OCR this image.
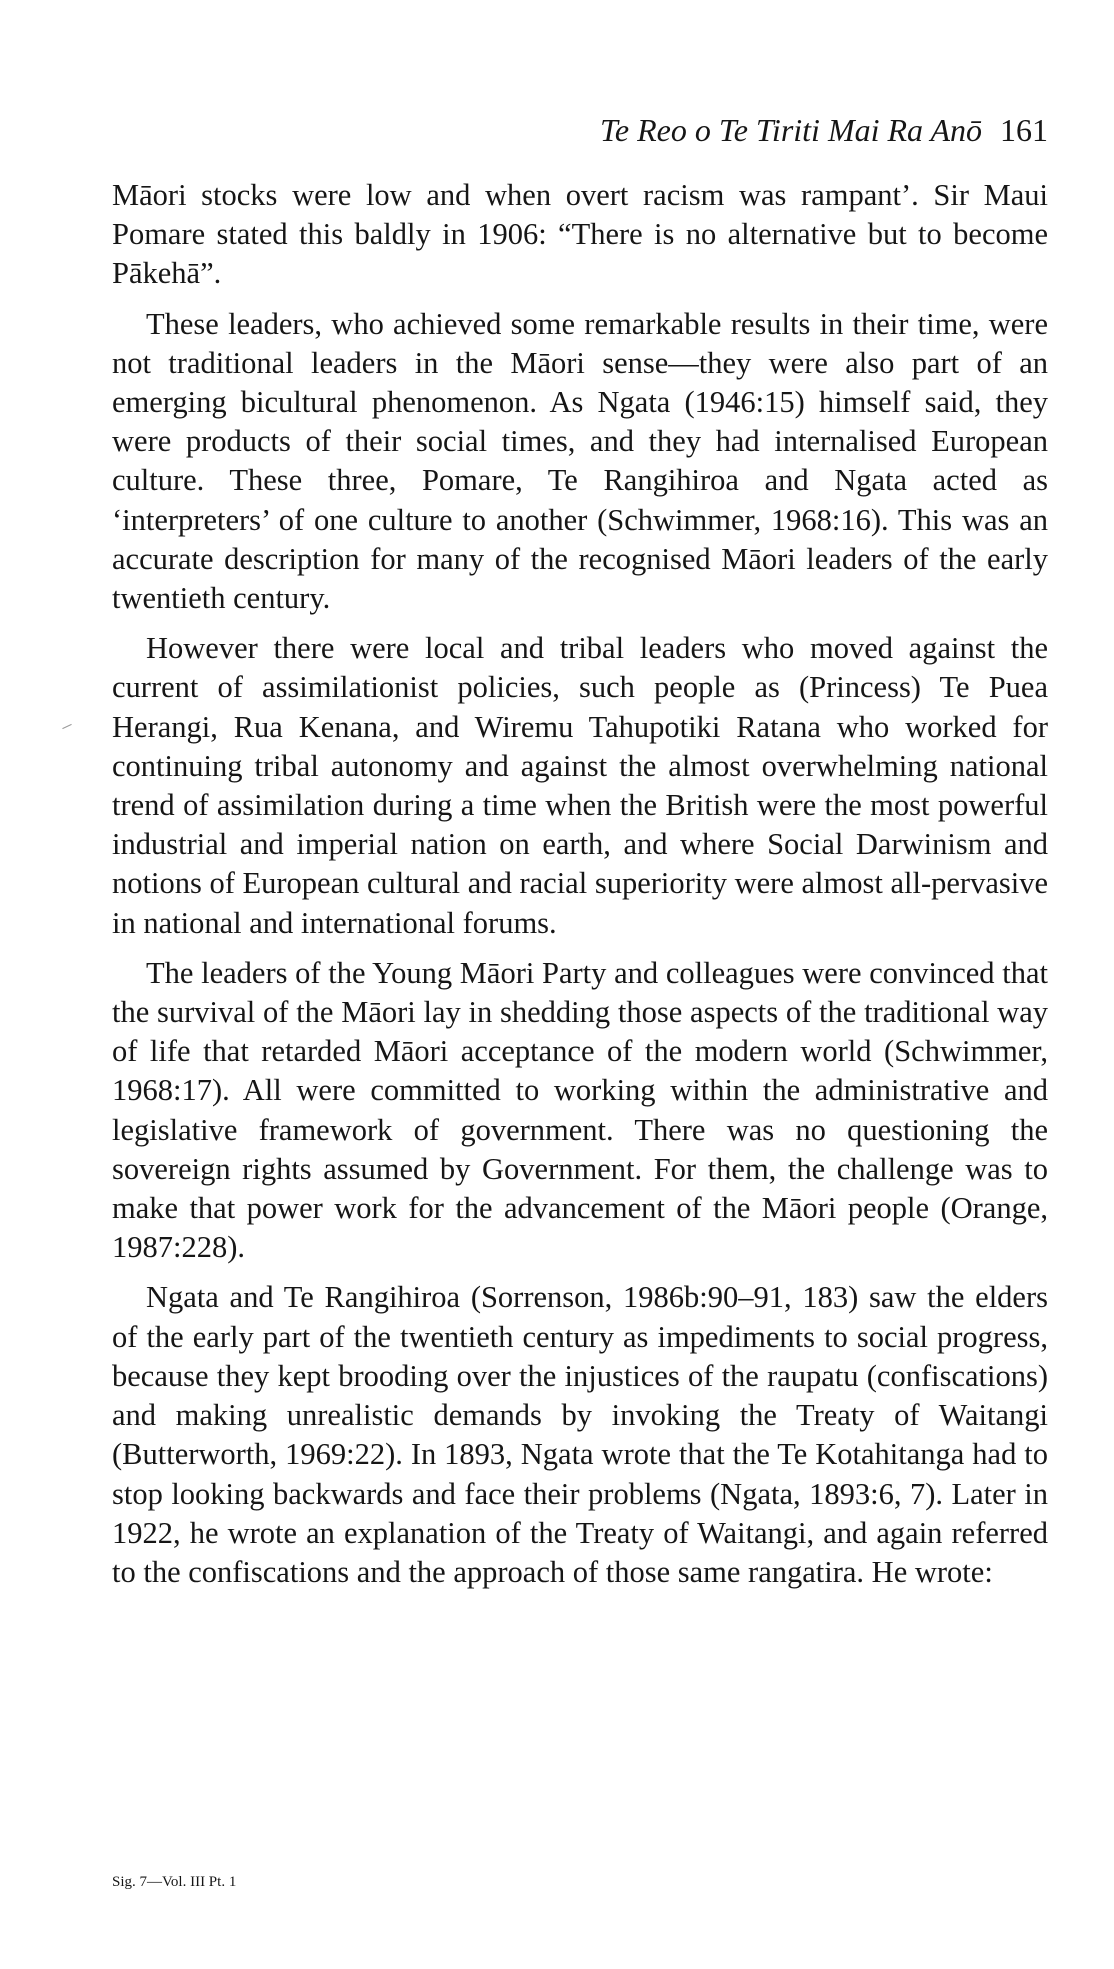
Te Reo o Te Tiriti Mai Ra Anō 161

Māori stocks were low and when overt racism was rampant’. Sir Maui Pomare stated this baldly in 1906: “There is no alternative but to become Pākehā”.

These leaders, who achieved some remarkable results in their time, were not traditional leaders in the Māori sense—they were also part of an emerging bicultural phenomenon. As Ngata (1946:15) himself said, they were products of their social times, and they had internalised European culture. These three, Pomare, Te Rangihiroa and Ngata acted as ‘interpreters’ of one culture to another (Schwimmer, 1968:16). This was an accurate description for many of the recognised Māori leaders of the early twentieth century.

However there were local and tribal leaders who moved against the current of assimilationist policies, such people as (Princess) Te Puea Herangi, Rua Kenana, and Wiremu Tahupotiki Ratana who worked for continuing tribal autonomy and against the almost overwhelming national trend of assimilation during a time when the British were the most powerful industrial and imperial nation on earth, and where Social Darwinism and notions of European cultural and racial superiority were almost all-pervasive in national and international forums.

The leaders of the Young Māori Party and colleagues were convinced that the survival of the Māori lay in shedding those aspects of the traditional way of life that retarded Māori acceptance of the modern world (Schwimmer, 1968:17). All were committed to working within the administrative and legislative framework of government. There was no questioning the sovereign rights assumed by Government. For them, the challenge was to make that power work for the advancement of the Māori people (Orange, 1987:228).

Ngata and Te Rangihiroa (Sorrenson, 1986b:90–91, 183) saw the elders of the early part of the twentieth century as impediments to social progress, because they kept brooding over the injustices of the raupatu (confiscations) and making unrealistic demands by invoking the Treaty of Waitangi (Butterworth, 1969:22). In 1893, Ngata wrote that the Te Kotahitanga had to stop looking backwards and face their problems (Ngata, 1893:6, 7). Later in 1922, he wrote an explanation of the Treaty of Waitangi, and again referred to the confiscations and the approach of those same rangatira. He wrote:

Sig. 7—Vol. III Pt. 1
